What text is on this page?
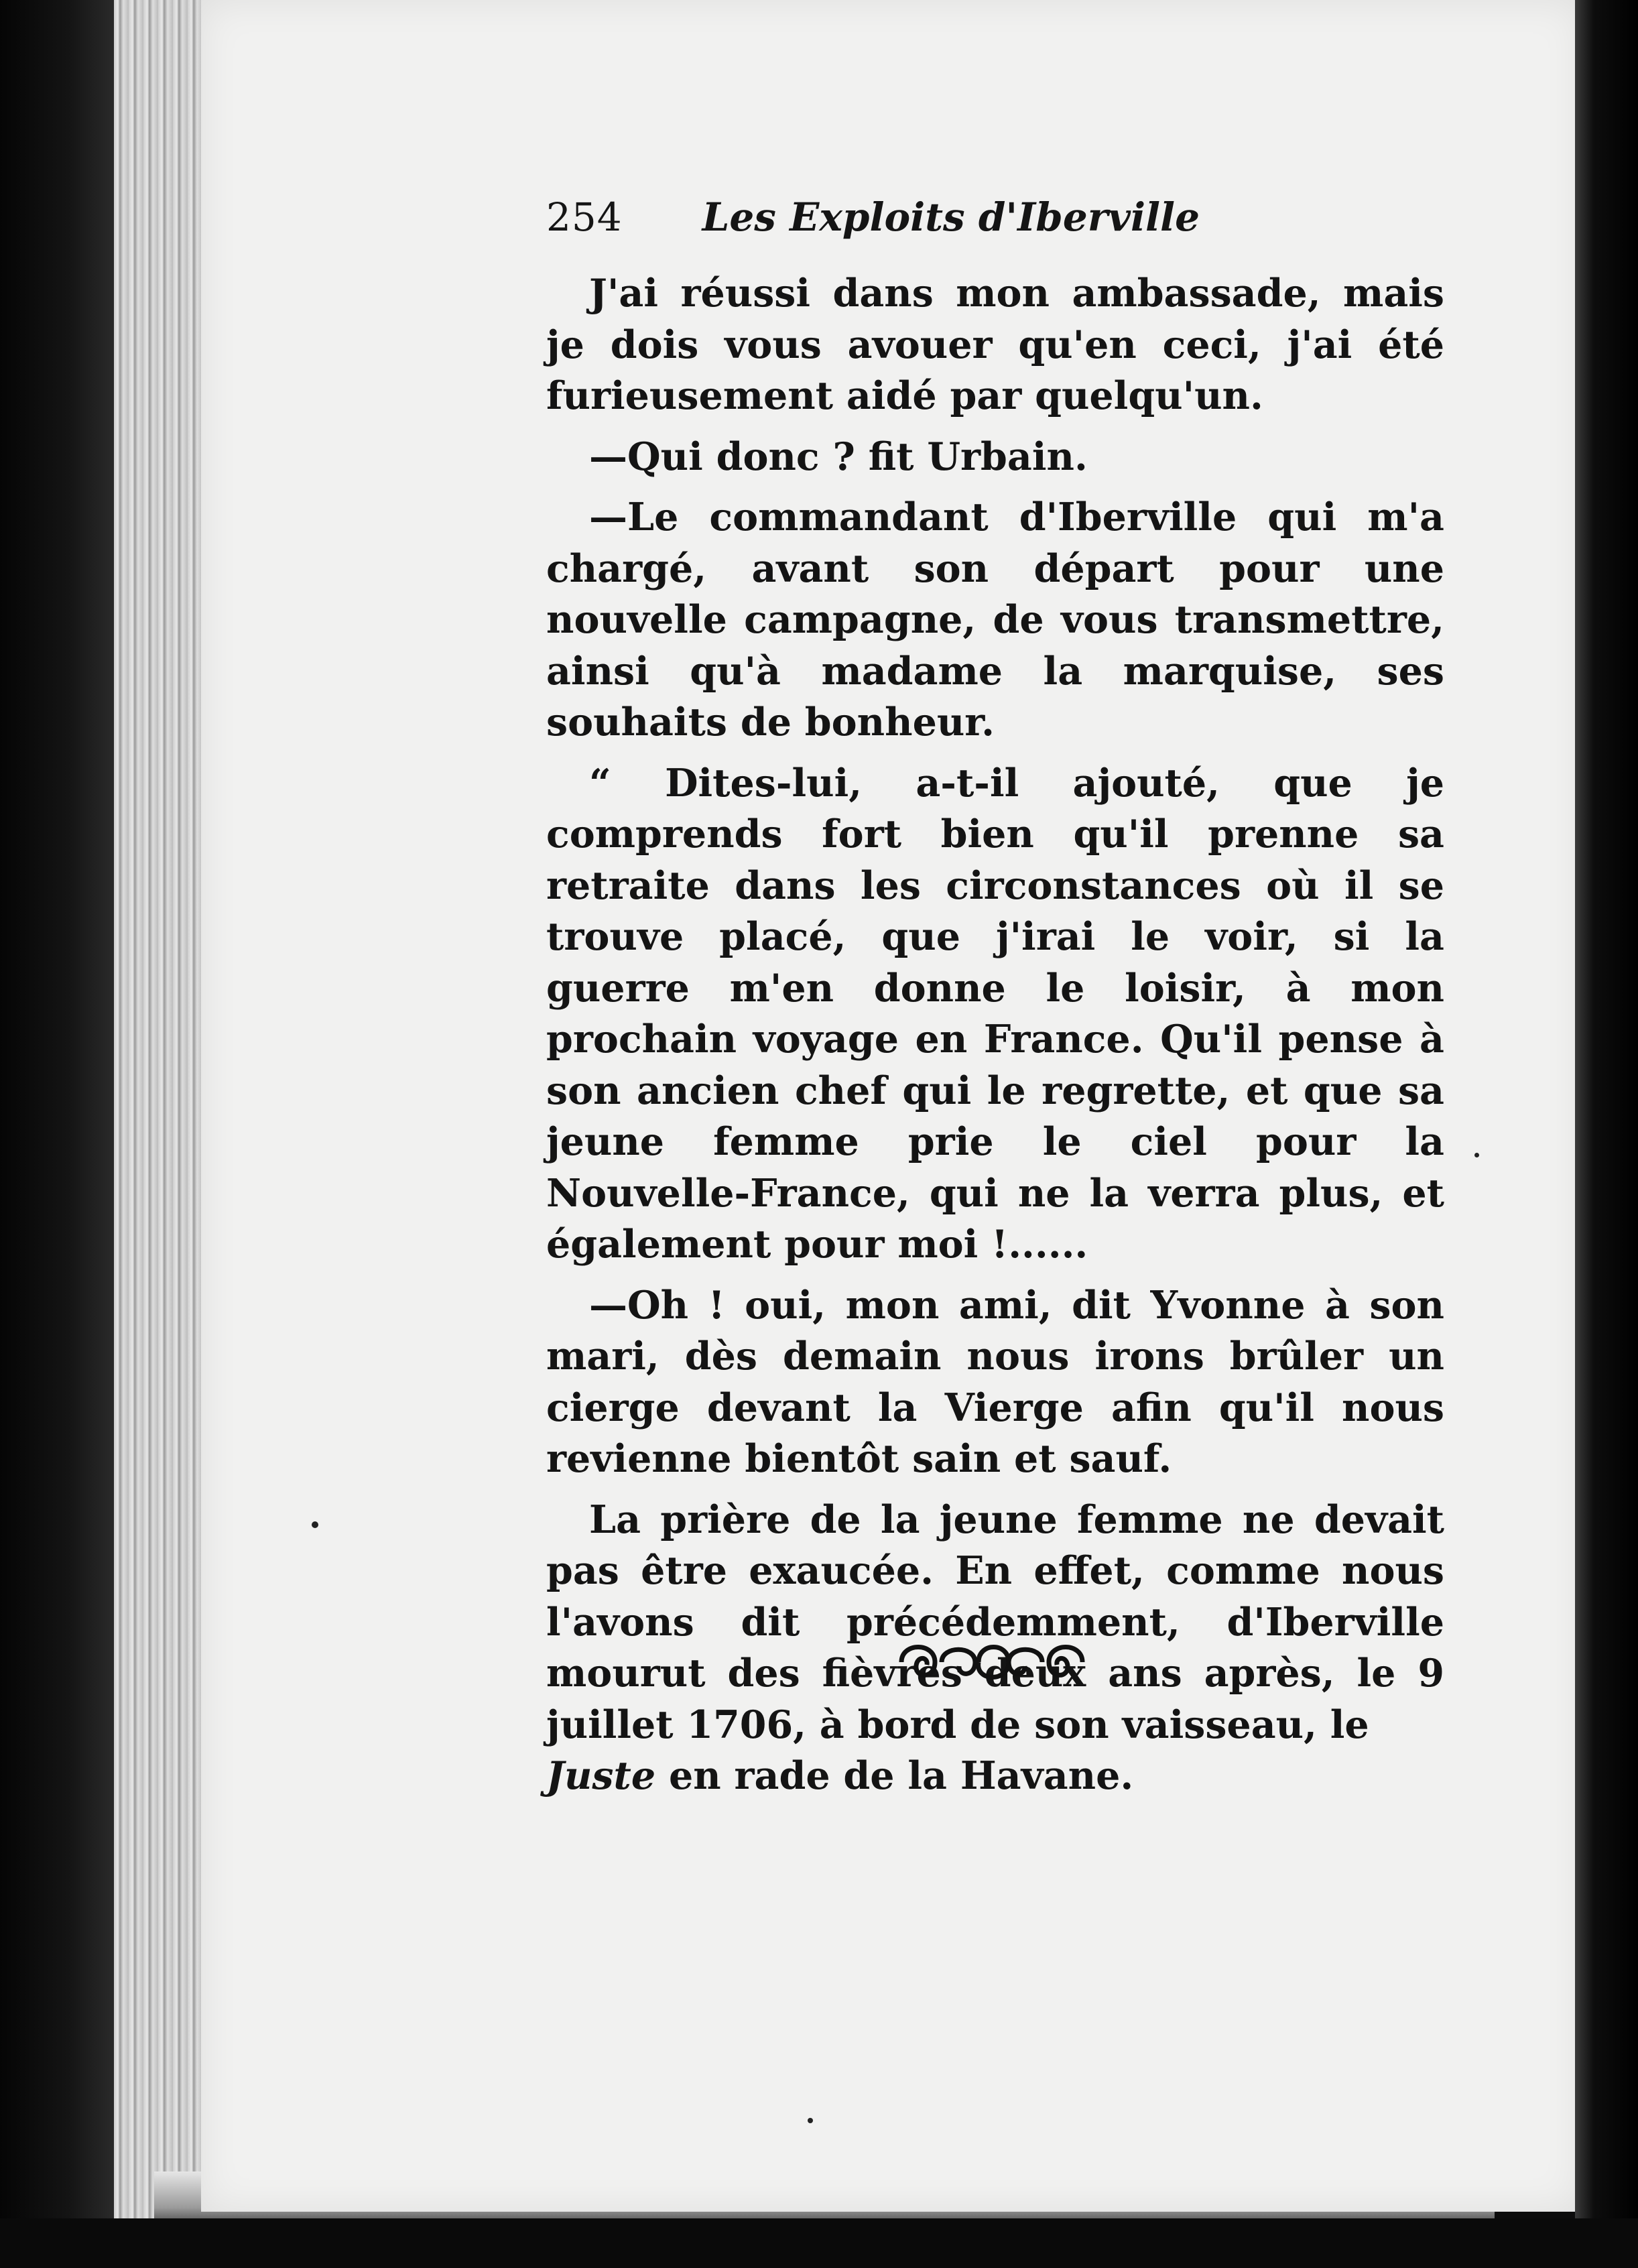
254 Les Exploits d'Iberville

J'ai réussi dans mon ambassade, mais je dois vous avouer qu'en ceci, j'ai été furieusement aidé par quelqu'un.

—Qui donc ? fit Urbain.

—Le commandant d'Iberville qui m'a chargé, avant son départ pour une nouvelle campagne, de vous transmettre, ainsi qu'à madame la marquise, ses souhaits de bonheur.

“ Dites-lui, a-t-il ajouté, que je comprends fort bien qu'il prenne sa retraite dans les circonstances où il se trouve placé, que j'irai le voir, si la guerre m'en donne le loisir, à mon prochain voyage en France. Qu'il pense à son ancien chef qui le regrette, et que sa jeune femme prie le ciel pour la Nouvelle-France, qui ne la verra plus, et également pour moi !......

—Oh ! oui, mon ami, dit Yvonne à son mari, dès demain nous irons brûler un cierge devant la Vierge afin qu'il nous revienne bientôt sain et sauf.

La prière de la jeune femme ne devait pas être exaucée. En effet, comme nous l'avons dit précédemment, d'Iberville mourut des fièvres deux ans après, le 9 juillet 1706, à bord de son vaisseau, le
Juste en rade de la Havane.
